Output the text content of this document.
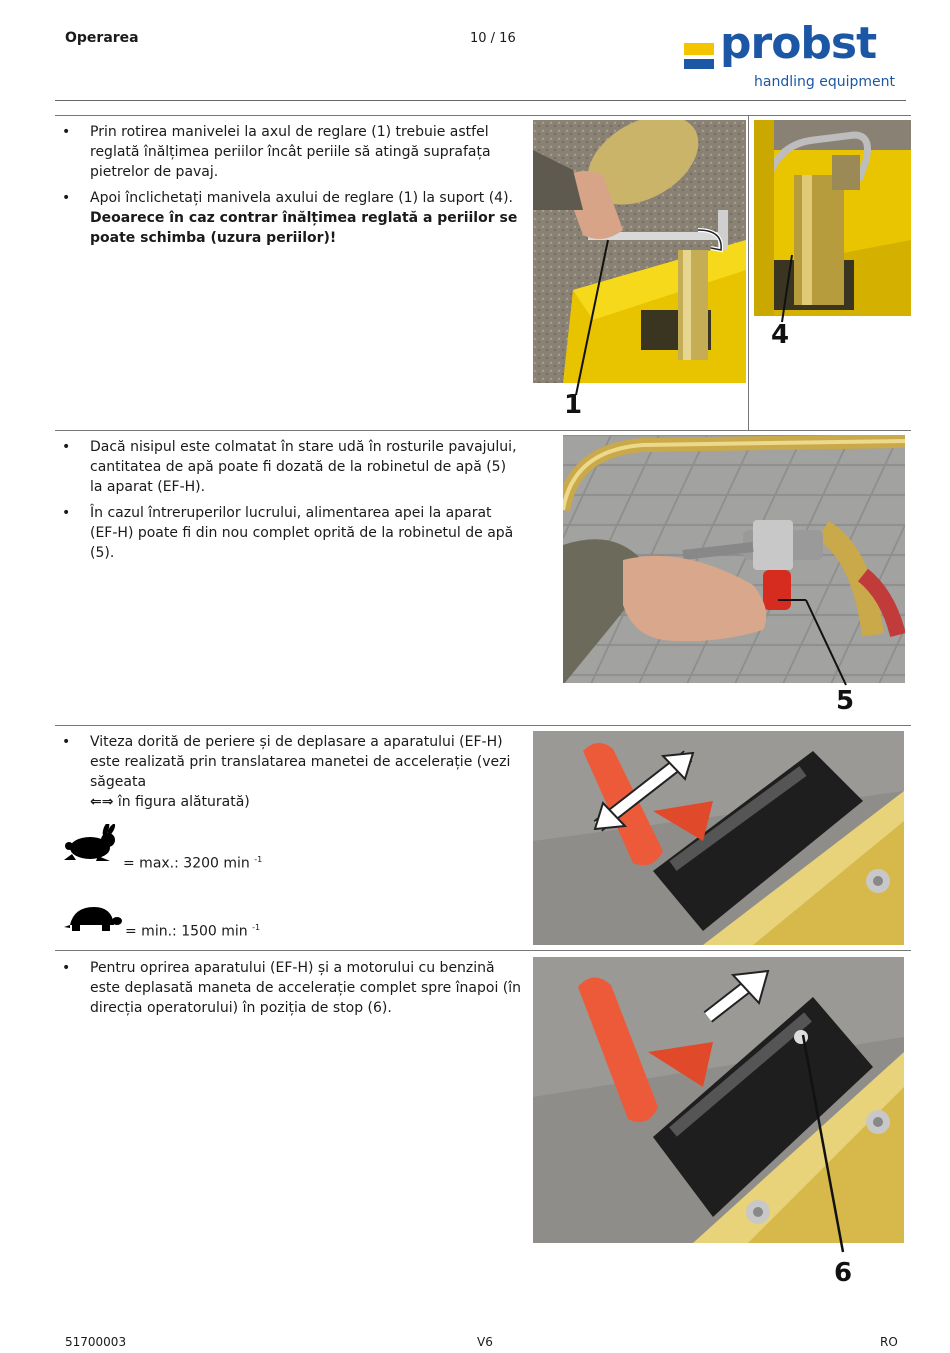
Operarea	10 / 16	probst
handling equipment
• Prin rotirea manivelei la axul de reglare (1) trebuie astfel reglată înălțimea periilor încât periile să atingă suprafața pietrelor de pavaj.
• Apoi înclichetați manivela axului de reglare (1) la suport (4). Deoarece în caz contrar înălțimea reglată a periilor se poate schimba (uzura periilor)!
1
4
• Dacă nisipul este colmatat în stare udă în rosturile pavajului, cantitatea de apă poate fi dozată de la robinetul de apă (5) la aparat (EF-H).
• În cazul întreruperilor lucrului, alimentarea apei la aparat (EF-H) poate fi din nou complet oprită de la robinetul de apă (5).
5
• Viteza dorită de periere și de deplasare a aparatului (EF-H) este realizată prin translatarea manetei de accelerație (vezi săgeata
⇐⇒ în figura alăturată)
= max.: 3200 min $^{-1}$
= min.: 1500 min $^{-1}$
• Pentru oprirea aparatului (EF-H) și a motorului cu benzină este deplasată maneta de accelerație complet spre înapoi (în direcția operatorului) în poziția de stop (6).
6
51700003	V6	RO
